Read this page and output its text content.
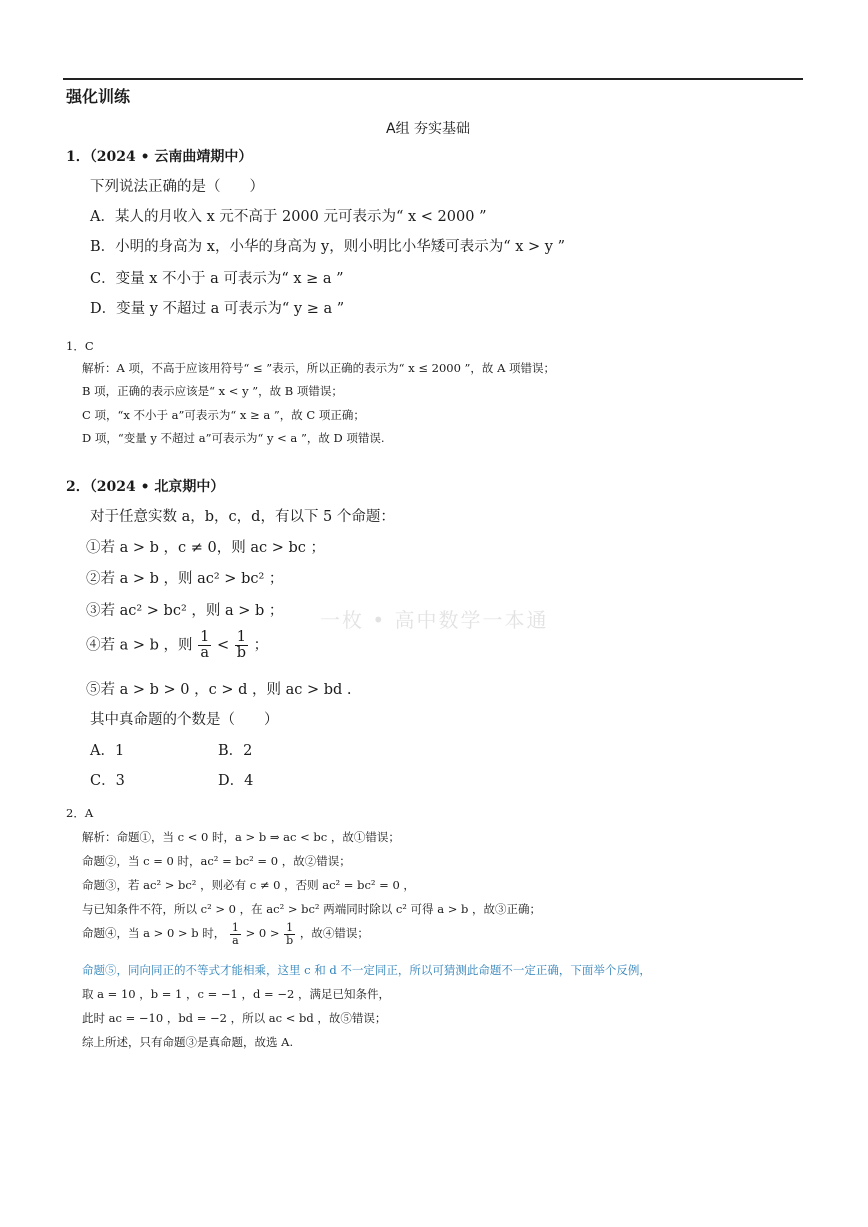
强化训练
A组 夯实基础
1．（2024 • 云南曲靖期中）
下列说法正确的是（　　）
A．某人的月收入 x 元不高于 2000 元可表示为“ x < 2000 ”
B．小明的身高为 x，小华的身高为 y，则小明比小华矮可表示为“ x > y ”
C．变量 x 不小于 a 可表示为“ x ≥ a ”
D．变量 y 不超过 a 可表示为“ y ≥ a ”
1．C
解析：A 项，不高于应该用符号“ ≤ ”表示，所以正确的表示为“ x ≤ 2000 ”，故 A 项错误；
B 项，正确的表示应该是“ x < y ”，故 B 项错误；
C 项，“x 不小于 a”可表示为“ x ≥ a ”，故 C 项正确；
D 项，“变量 y 不超过 a”可表示为“ y < a ”，故 D 项错误.
2．（2024 • 北京期中）
对于任意实数 a，b，c，d，有以下 5 个命题：
①若 a > b ，c ≠ 0，则 ac > bc ；
②若 a > b ，则 ac² > bc² ；
③若 ac² > bc² ，则 a > b ；
④若 a > b ，则 $\frac{1}{a} < \frac{1}{b}$ ；
⑤若 a > b > 0 ，c > d ，则 ac > bd .
其中真命题的个数是（　　）
A．1	B．2
C．3	D．4
一枚 • 高中数学一本通
2．A
解析：命题①，当 c < 0 时，a > b ⇒ ac < bc ，故①错误；
命题②，当 c = 0 时，ac² = bc² = 0 ，故②错误；
命题③，若 ac² > bc² ，则必有 c ≠ 0 ，否则 ac² = bc² = 0 ，
与已知条件不符，所以 c² > 0 ，在 ac² > bc² 两端同时除以 c² 可得 a > b ，故③正确；
命题④，当 a > 0 > b 时， $\frac{1}{a} > 0 > \frac{1}{b}$ ，故④错误；
命题⑤，同向同正的不等式才能相乘，这里 c 和 d 不一定同正，所以可猜测此命题不一定正确，下面举个反例，
取 a = 10 ，b = 1 ，c = −1 ，d = −2 ，满足已知条件，
此时 ac = −10 ，bd = −2 ，所以 ac < bd ，故⑤错误；
综上所述，只有命题③是真命题，故选 A.
